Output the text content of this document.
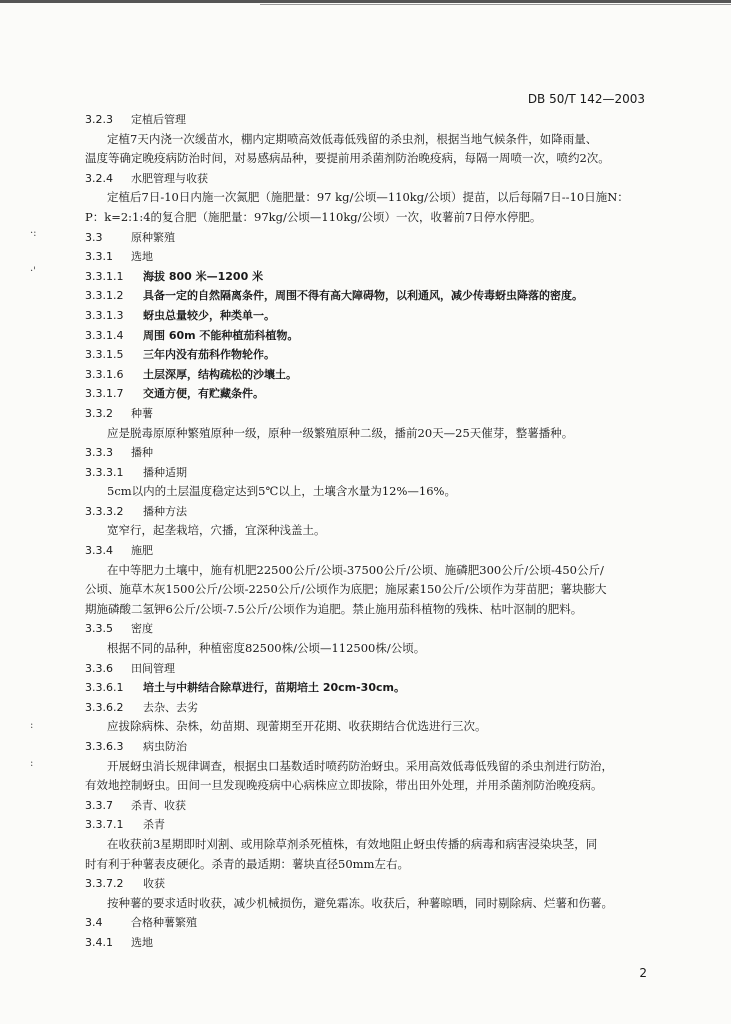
DB 50/T 142—2003
·:
·'
:
:
3.2.3 定植后管理
定植7天内浇一次缓苗水，棚内定期喷高效低毒低残留的杀虫剂，根据当地气候条件，如降雨量、
温度等确定晚疫病防治时间，对易感病品种，要提前用杀菌剂防治晚疫病，每隔一周喷一次，喷约2次。
3.2.4 水肥管理与收获
定植后7日-10日内施一次氮肥（施肥量：97 kg/公顷—110kg/公顷）提苗，以后每隔7日--10日施N：
P：k=2:1:4的复合肥（施肥量：97kg/公顷—110kg/公顷）一次，收薯前7日停水停肥。
3.3	原种繁殖
3.3.1 选地
3.3.1.1 海拔 800 米—1200 米
3.3.1.2 具备一定的自然隔离条件，周围不得有高大障碍物，以利通风，减少传毒蚜虫降落的密度。
3.3.1.3 蚜虫总量较少，种类单一。
3.3.1.4 周围 60m 不能种植茄科植物。
3.3.1.5 三年内没有茄科作物轮作。
3.3.1.6 土层深厚，结构疏松的沙壤土。
3.3.1.7 交通方便，有贮藏条件。
3.3.2 种薯
应是脱毒原原种繁殖原种一级，原种一级繁殖原种二级，播前20天—25天催芽，整薯播种。
3.3.3 播种
3.3.3.1 播种适期
5cm以内的土层温度稳定达到5℃以上，土壤含水量为12%—16%。
3.3.3.2 播种方法
宽窄行，起垄栽培，穴播，宜深种浅盖土。
3.3.4 施肥
在中等肥力土壤中，施有机肥22500公斤/公顷-37500公斤/公顷、施磷肥300公斤/公顷-450公斤/
公顷、施草木灰1500公斤/公顷-2250公斤/公顷作为底肥；施尿素150公斤/公顷作为芽苗肥；薯块膨大
期施磷酸二氢钾6公斤/公顷-7.5公斤/公顷作为追肥。禁止施用茄科植物的残株、枯叶沤制的肥料。
3.3.5 密度
根据不同的品种，种植密度82500株/公顷—112500株/公顷。
3.3.6 田间管理
3.3.6.1 培土与中耕结合除草进行，苗期培土 20cm-30cm。
3.3.6.2 去杂、去劣
应拔除病株、杂株，幼苗期、现蕾期至开花期、收获期结合优选进行三次。
3.3.6.3 病虫防治
开展蚜虫消长规律调查，根据虫口基数适时喷药防治蚜虫。采用高效低毒低残留的杀虫剂进行防治，
有效地控制蚜虫。田间一旦发现晚疫病中心病株应立即拔除，带出田外处理，并用杀菌剂防治晚疫病。
3.3.7 杀青、收获
3.3.7.1 杀青
在收获前3星期即时刈割、或用除草剂杀死植株，有效地阻止蚜虫传播的病毒和病害浸染块茎，同
时有利于种薯表皮硬化。杀青的最适期：薯块直径50mm左右。
3.3.7.2 收获
按种薯的要求适时收获，减少机械损伤，避免霜冻。收获后，种薯晾晒，同时剔除病、烂薯和伤薯。
3.4	合格种薯繁殖
3.4.1 选地
2
